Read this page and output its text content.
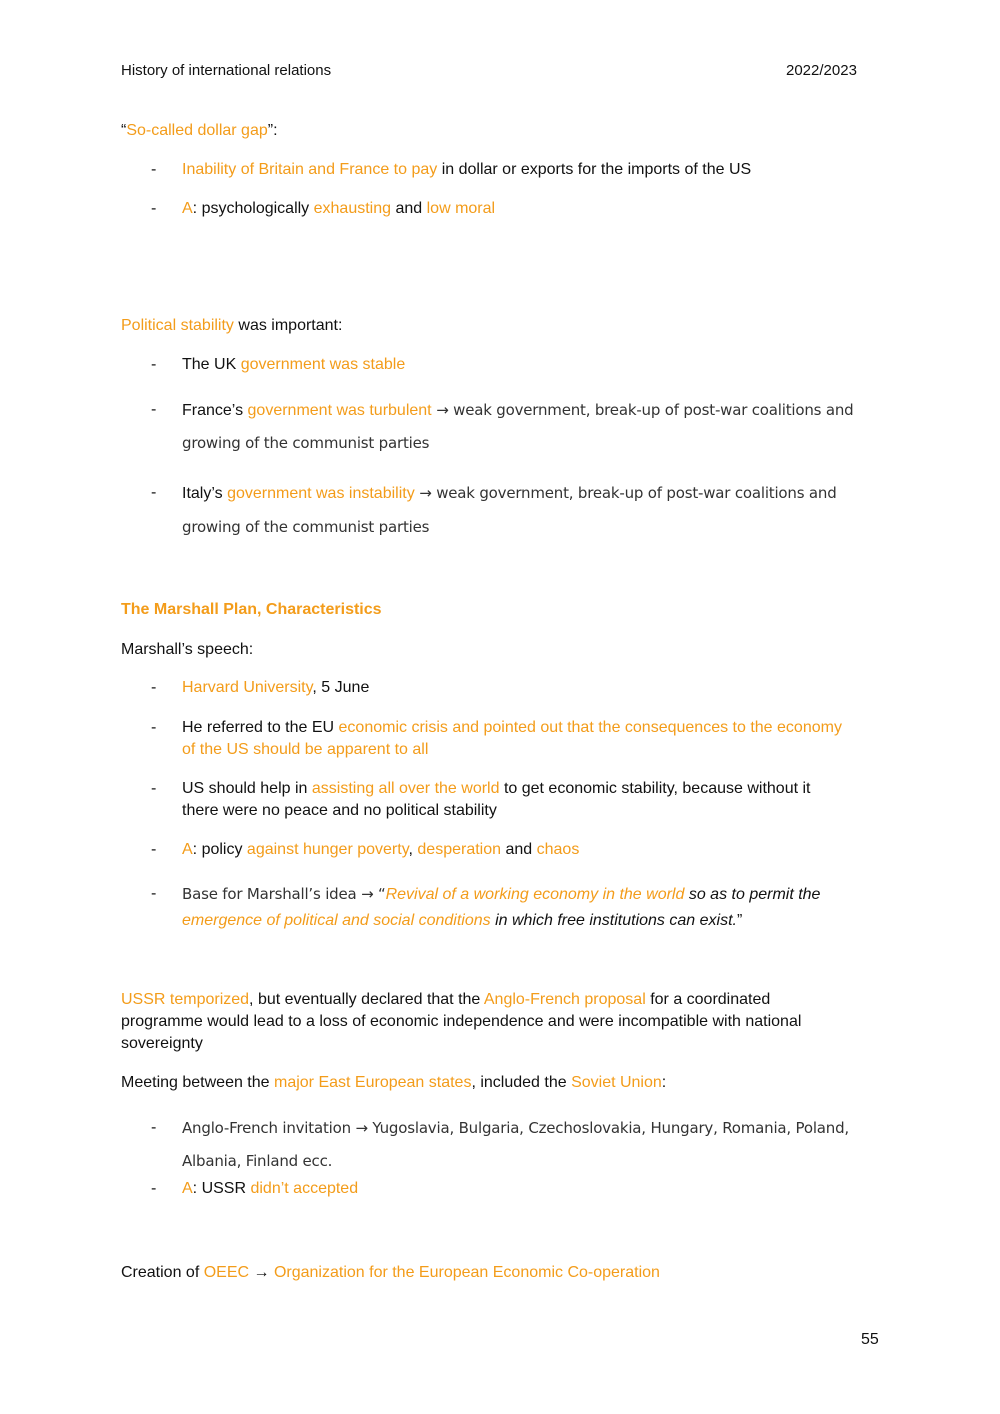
History of international relations	2022/2023
“So-called dollar gap”:
- Inability of Britain and France to pay in dollar or exports for the imports of the US
- A: psychologically exhausting and low moral
Political stability was important:
- The UK government was stable
- France’s government was turbulent → weak government, break-up of post-war coalitions and
growing of the communist parties
- Italy’s government was instability → weak government, break-up of post-war coalitions and
growing of the communist parties
The Marshall Plan, Characteristics
Marshall’s speech:
- Harvard University, 5 June
- He referred to the EU economic crisis and pointed out that the consequences to the economy
of the US should be apparent to all
- US should help in assisting all over the world to get economic stability, because without it
there were no peace and no political stability
- A: policy against hunger poverty, desperation and chaos
- Base for Marshall’s idea → “Revival of a working economy in the world so as to permit the
emergence of political and social conditions in which free institutions can exist.”
USSR temporized, but eventually declared that the Anglo-French proposal for a coordinated
programme would lead to a loss of economic independence and were incompatible with national
sovereignty
Meeting between the major East European states, included the Soviet Union:
- Anglo-French invitation → Yugoslavia, Bulgaria, Czechoslovakia, Hungary, Romania, Poland,
Albania, Finland ecc.
- A: USSR didn’t accepted
Creation of OEEC → Organization for the European Economic Co-operation
55
